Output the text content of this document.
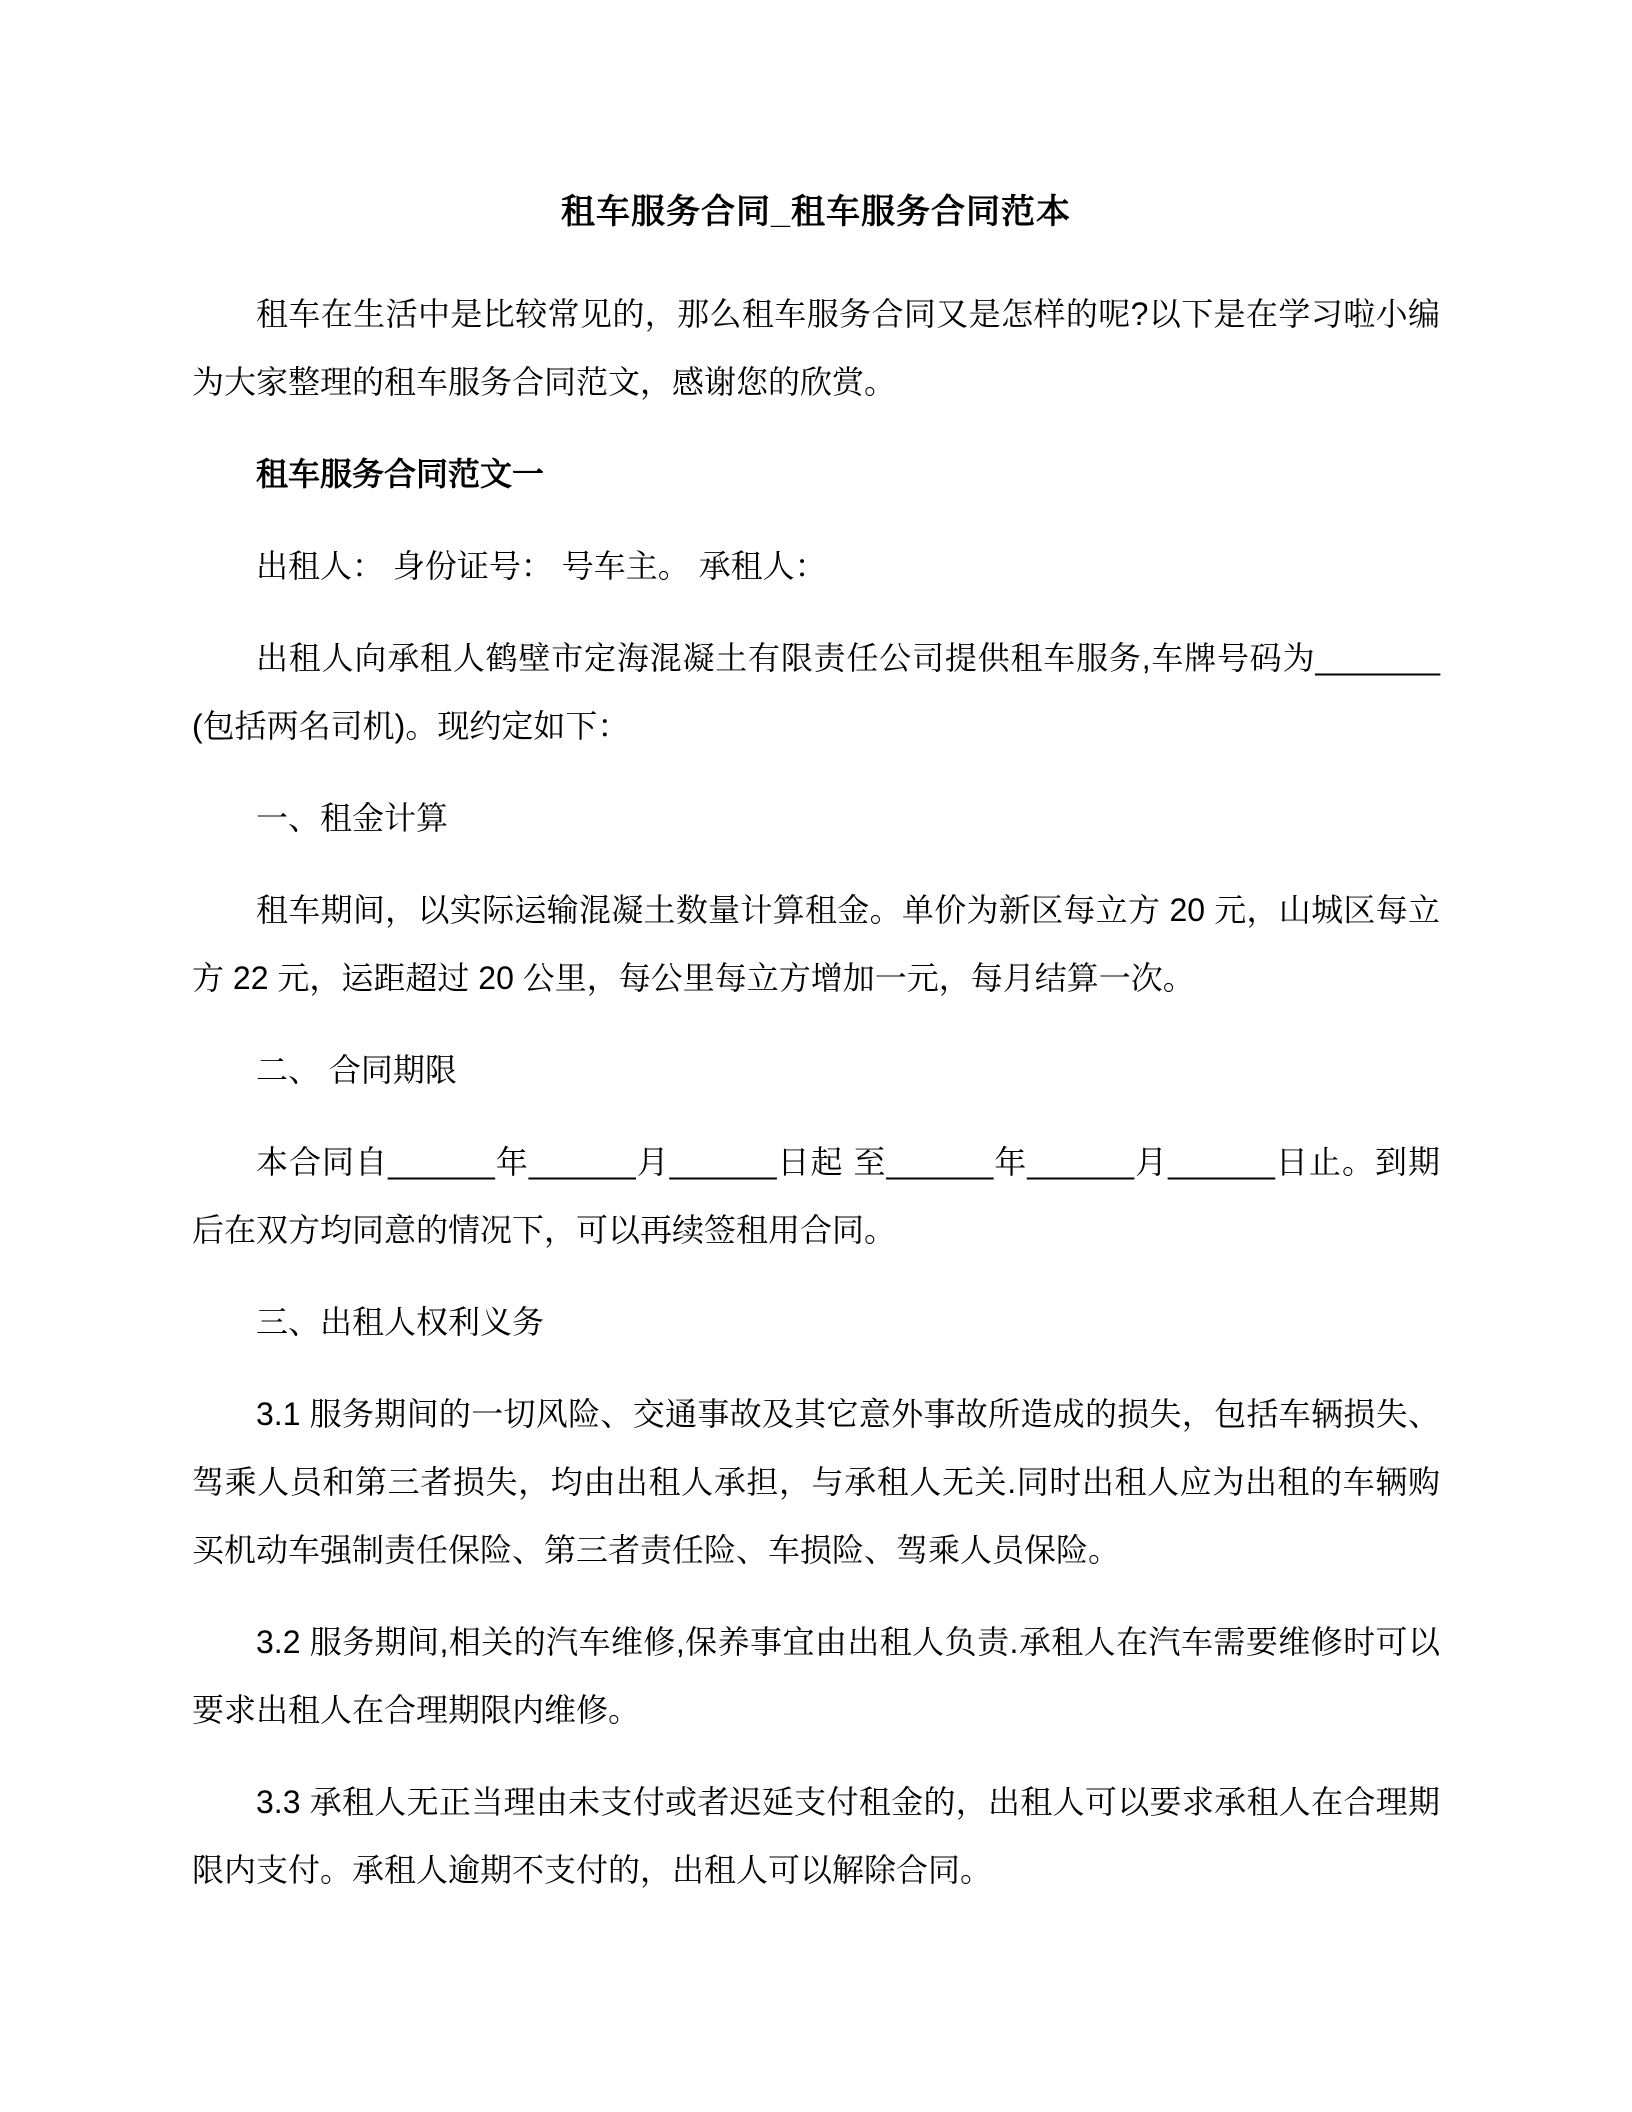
租车服务合同_租车服务合同范本

租车在生活中是比较常见的，那么租车服务合同又是怎样的呢?以下是在学习啦小编为大家整理的租车服务合同范文，感谢您的欣赏。

租车服务合同范文一

出租人： 身份证号： 号车主。 承租人：

出租人向承租人鹤壁市定海混凝土有限责任公司提供租车服务,车牌号码为_______(包括两名司机)。现约定如下：

一、租金计算

租车期间，以实际运输混凝土数量计算租金。单价为新区每立方 20 元，山城区每立方 22 元，运距超过 20 公里，每公里每立方增加一元，每月结算一次。

二、 合同期限

本合同自______年______月______日起 至______年______月______日止。到期后在双方均同意的情况下，可以再续签租用合同。

三、出租人权利义务

3.1 服务期间的一切风险、交通事故及其它意外事故所造成的损失，包括车辆损失、驾乘人员和第三者损失，均由出租人承担，与承租人无关.同时出租人应为出租的车辆购买机动车强制责任保险、第三者责任险、车损险、驾乘人员保险。

3.2 服务期间,相关的汽车维修,保养事宜由出租人负责.承租人在汽车需要维修时可以要求出租人在合理期限内维修。

3.3 承租人无正当理由未支付或者迟延支付租金的，出租人可以要求承租人在合理期限内支付。承租人逾期不支付的，出租人可以解除合同。
